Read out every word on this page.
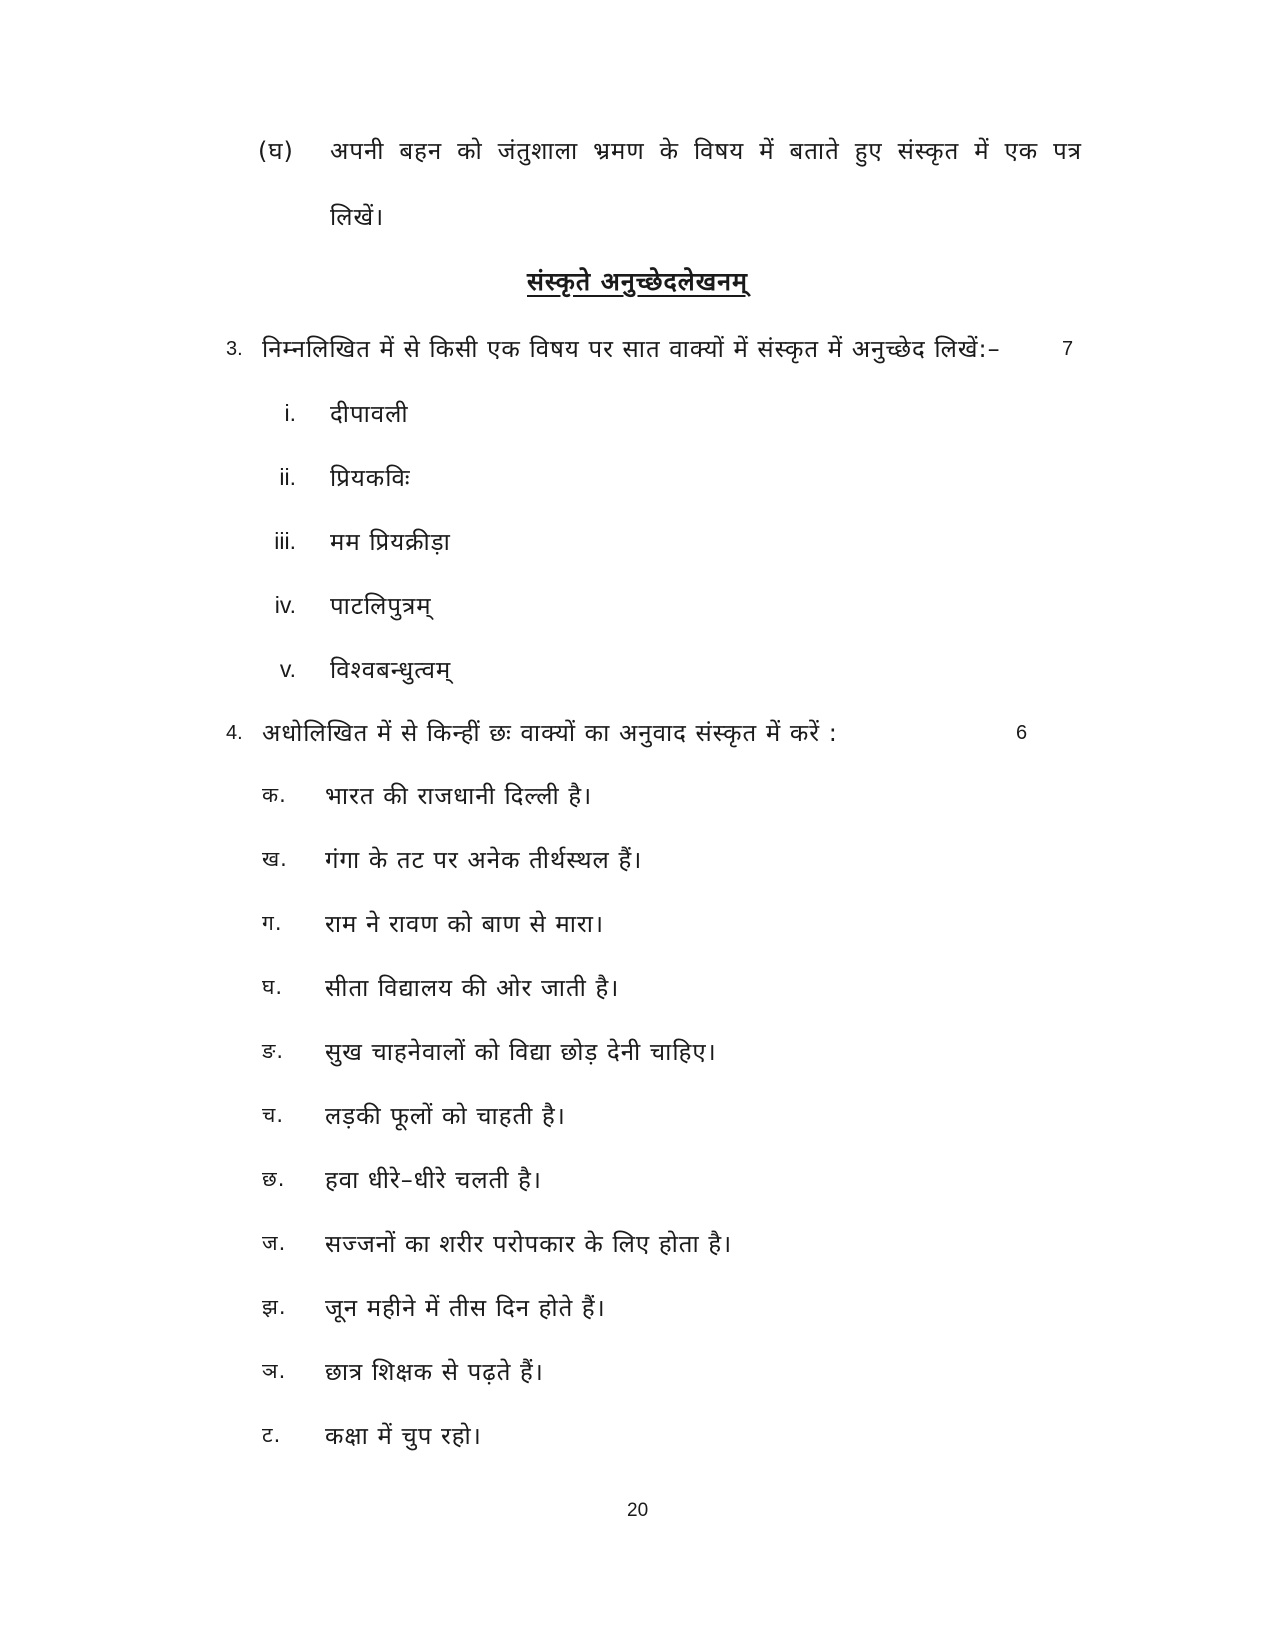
(घ) अपनी बहन को जंतुशाला भ्रमण के विषय में बताते हुए संस्कृत में एक पत्र
लिखें।
संस्कृते अनुच्छेदलेखनम्
3. निम्नलिखित में से किसी एक विषय पर सात वाक्यों में संस्कृत में अनुच्छेद लिखें:–	7
i. दीपावली
ii. प्रियकविः
iii. मम प्रियक्रीड़ा
iv. पाटलिपुत्रम्
v. विश्वबन्धुत्वम्
4. अधोलिखित में से किन्हीं छः वाक्यों का अनुवाद संस्कृत में करें :	6
क. भारत की राजधानी दिल्ली है।
ख. गंगा के तट पर अनेक तीर्थस्थल हैं।
ग. राम ने रावण को बाण से मारा।
घ. सीता विद्यालय की ओर जाती है।
ङ. सुख चाहनेवालों को विद्या छोड़ देनी चाहिए।
च. लड़की फूलों को चाहती है।
छ. हवा धीरे–धीरे चलती है।
ज. सज्जनों का शरीर परोपकार के लिए होता है।
झ. जून महीने में तीस दिन होते हैं।
ञ. छात्र शिक्षक से पढ़ते हैं।
ट. कक्षा में चुप रहो।
20
